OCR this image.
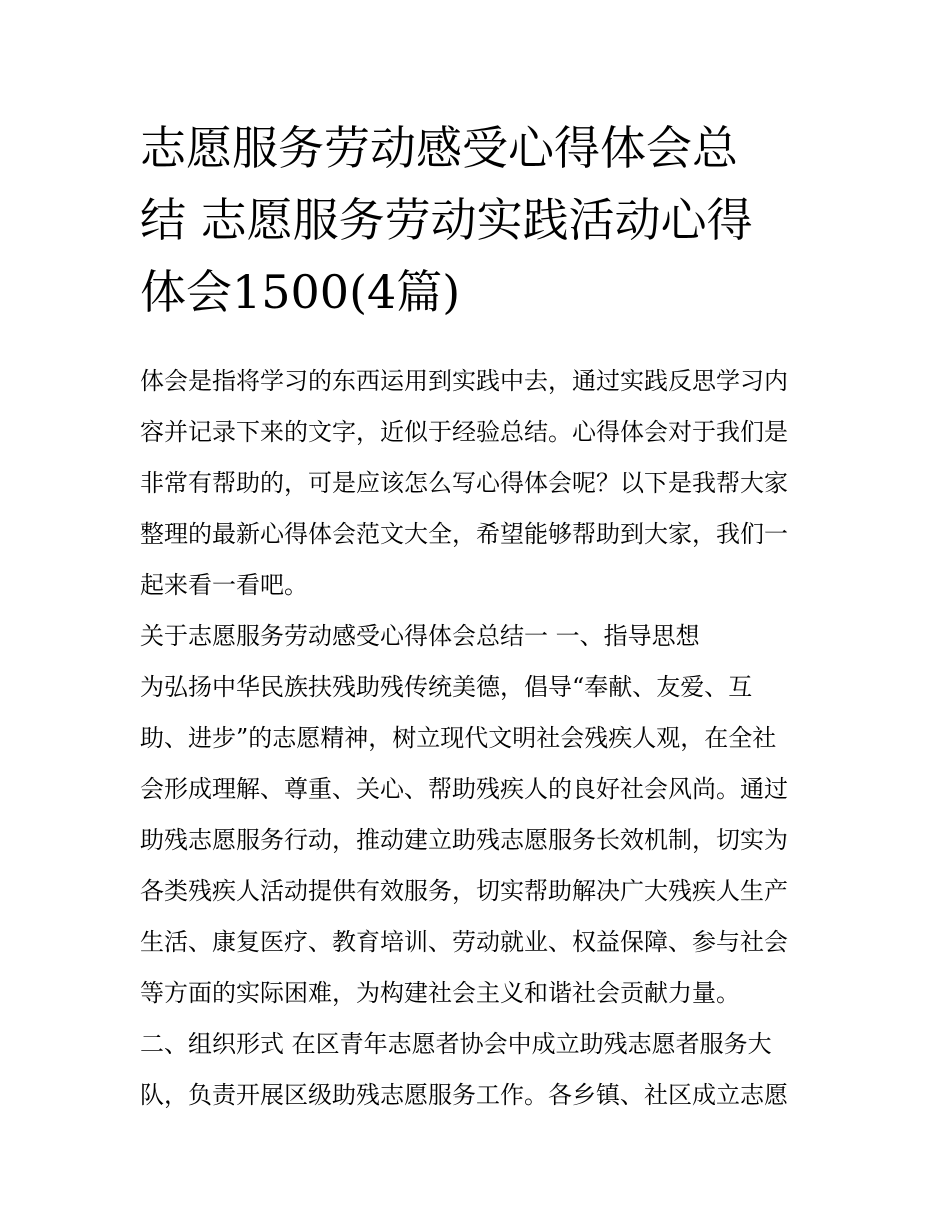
志愿服务劳动感受心得体会总
结 志愿服务劳动实践活动心得
体会1500(4篇)
体会是指将学习的东西运用到实践中去，通过实践反思学习内
容并记录下来的文字，近似于经验总结。心得体会对于我们是
非常有帮助的，可是应该怎么写心得体会呢？以下是我帮大家
整理的最新心得体会范文大全，希望能够帮助到大家，我们一
起来看一看吧。
关于志愿服务劳动感受心得体会总结一 一、指导思想
为弘扬中华民族扶残助残传统美德，倡导“奉献、友爱、互
助、进步”的志愿精神，树立现代文明社会残疾人观，在全社
会形成理解、尊重、关心、帮助残疾人的良好社会风尚。通过
助残志愿服务行动，推动建立助残志愿服务长效机制，切实为
各类残疾人活动提供有效服务，切实帮助解决广大残疾人生产
生活、康复医疗、教育培训、劳动就业、权益保障、参与社会
等方面的实际困难，为构建社会主义和谐社会贡献力量。
二、组织形式 在区青年志愿者协会中成立助残志愿者服务大
队，负责开展区级助残志愿服务工作。各乡镇、社区成立志愿
